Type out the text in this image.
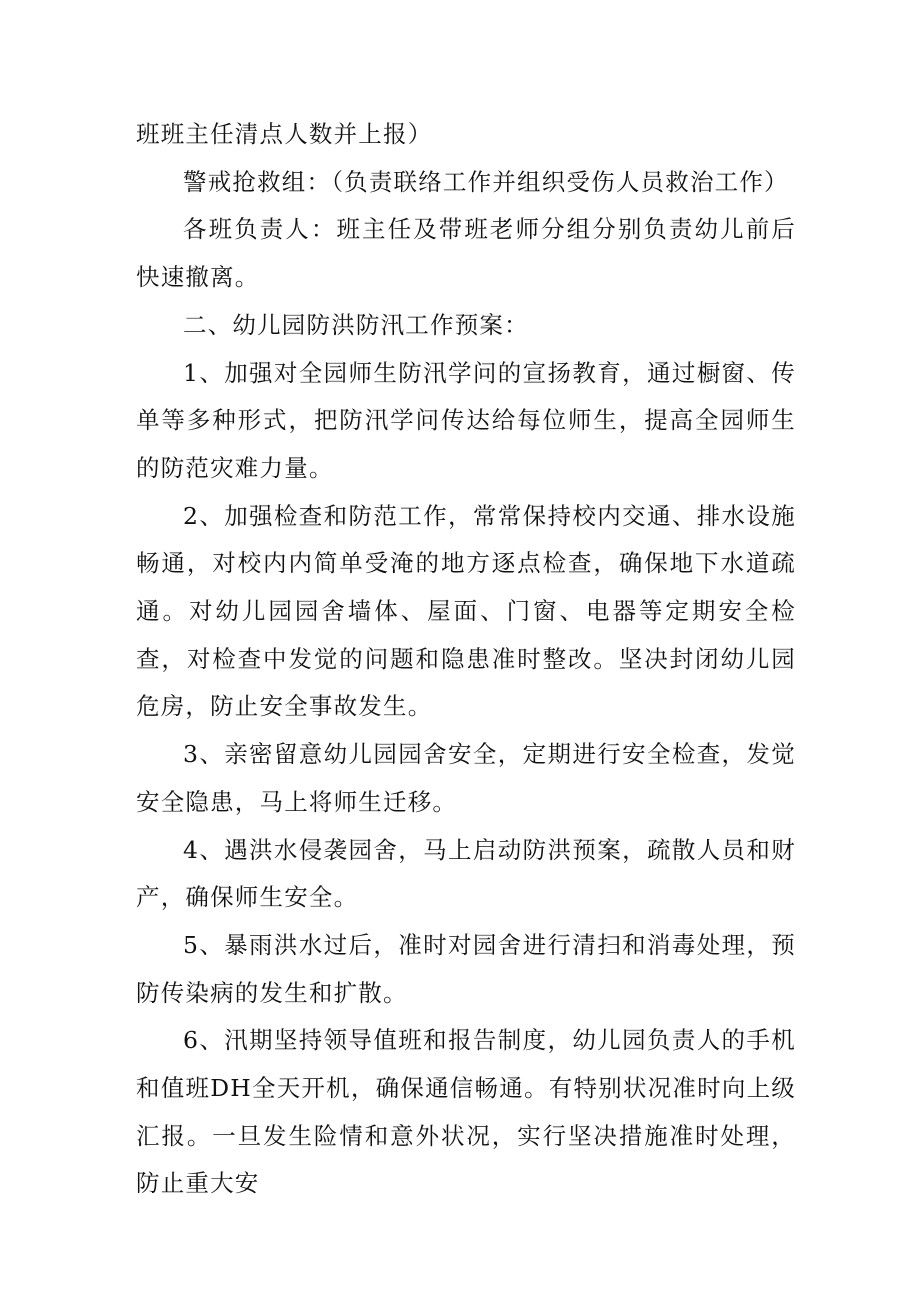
班班主任清点人数并上报）

警戒抢救组：（负责联络工作并组织受伤人员救治工作）

各班负责人：班主任及带班老师分组分别负责幼儿前后快速撤离。

二、幼儿园防洪防汛工作预案：

1、加强对全园师生防汛学问的宣扬教育，通过橱窗、传单等多种形式，把防汛学问传达给每位师生，提高全园师生的防范灾难力量。

2、加强检查和防范工作，常常保持校内交通、排水设施畅通，对校内内简单受淹的地方逐点检查，确保地下水道疏通。对幼儿园园舍墙体、屋面、门窗、电器等定期安全检查，对检查中发觉的问题和隐患准时整改。坚决封闭幼儿园危房，防止安全事故发生。

3、亲密留意幼儿园园舍安全，定期进行安全检查，发觉安全隐患，马上将师生迁移。

4、遇洪水侵袭园舍，马上启动防洪预案，疏散人员和财产，确保师生安全。

5、暴雨洪水过后，准时对园舍进行清扫和消毒处理，预防传染病的发生和扩散。

6、汛期坚持领导值班和报告制度，幼儿园负责人的手机和值班DH全天开机，确保通信畅通。有特别状况准时向上级汇报。一旦发生险情和意外状况，实行坚决措施准时处理，防止重大安
